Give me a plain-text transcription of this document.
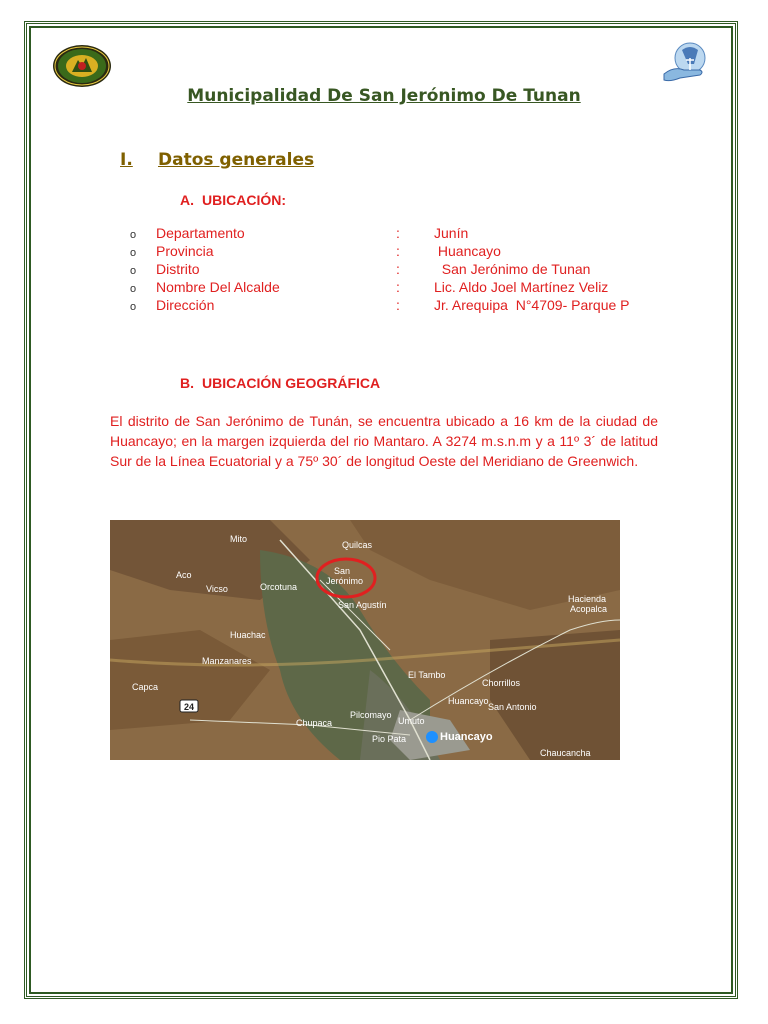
Municipalidad De San Jerónimo De Tunan
I. Datos generales
A. UBICACIÓN:
o Departamento	: Junín
o Provincia	: Huancayo
o Distrito	: San Jerónimo de Tunan
o Nombre Del Alcalde	: Lic. Aldo Joel Martínez Veliz
o Dirección	: Jr. Arequipa  N°4709- Parque P
B. UBICACIÓN GEOGRÁFICA

El distrito de San Jerónimo de Tunán, se encuentra ubicado a 16 km de la ciudad de Huancayo; en la margen izquierda del rio Mantaro. A 3274 m.s.n.m y a 11º 3´ de latitud Sur de la Línea Ecuatorial y a 75º 30´ de longitud Oeste del Meridiano de Greenwich.

Mito
Quilcas
San
Jerónimo
Aco
Vicso	Orcotuna
San Agustín
Hacienda
Acopalca
Huachac
Manzanares
El Tambo
Chorrillos
Huancayo
San Antonio
Capca
24
Chupaca
Pilcomayo
Umuto
Huancayo
Pio Pata
Chaucancha
